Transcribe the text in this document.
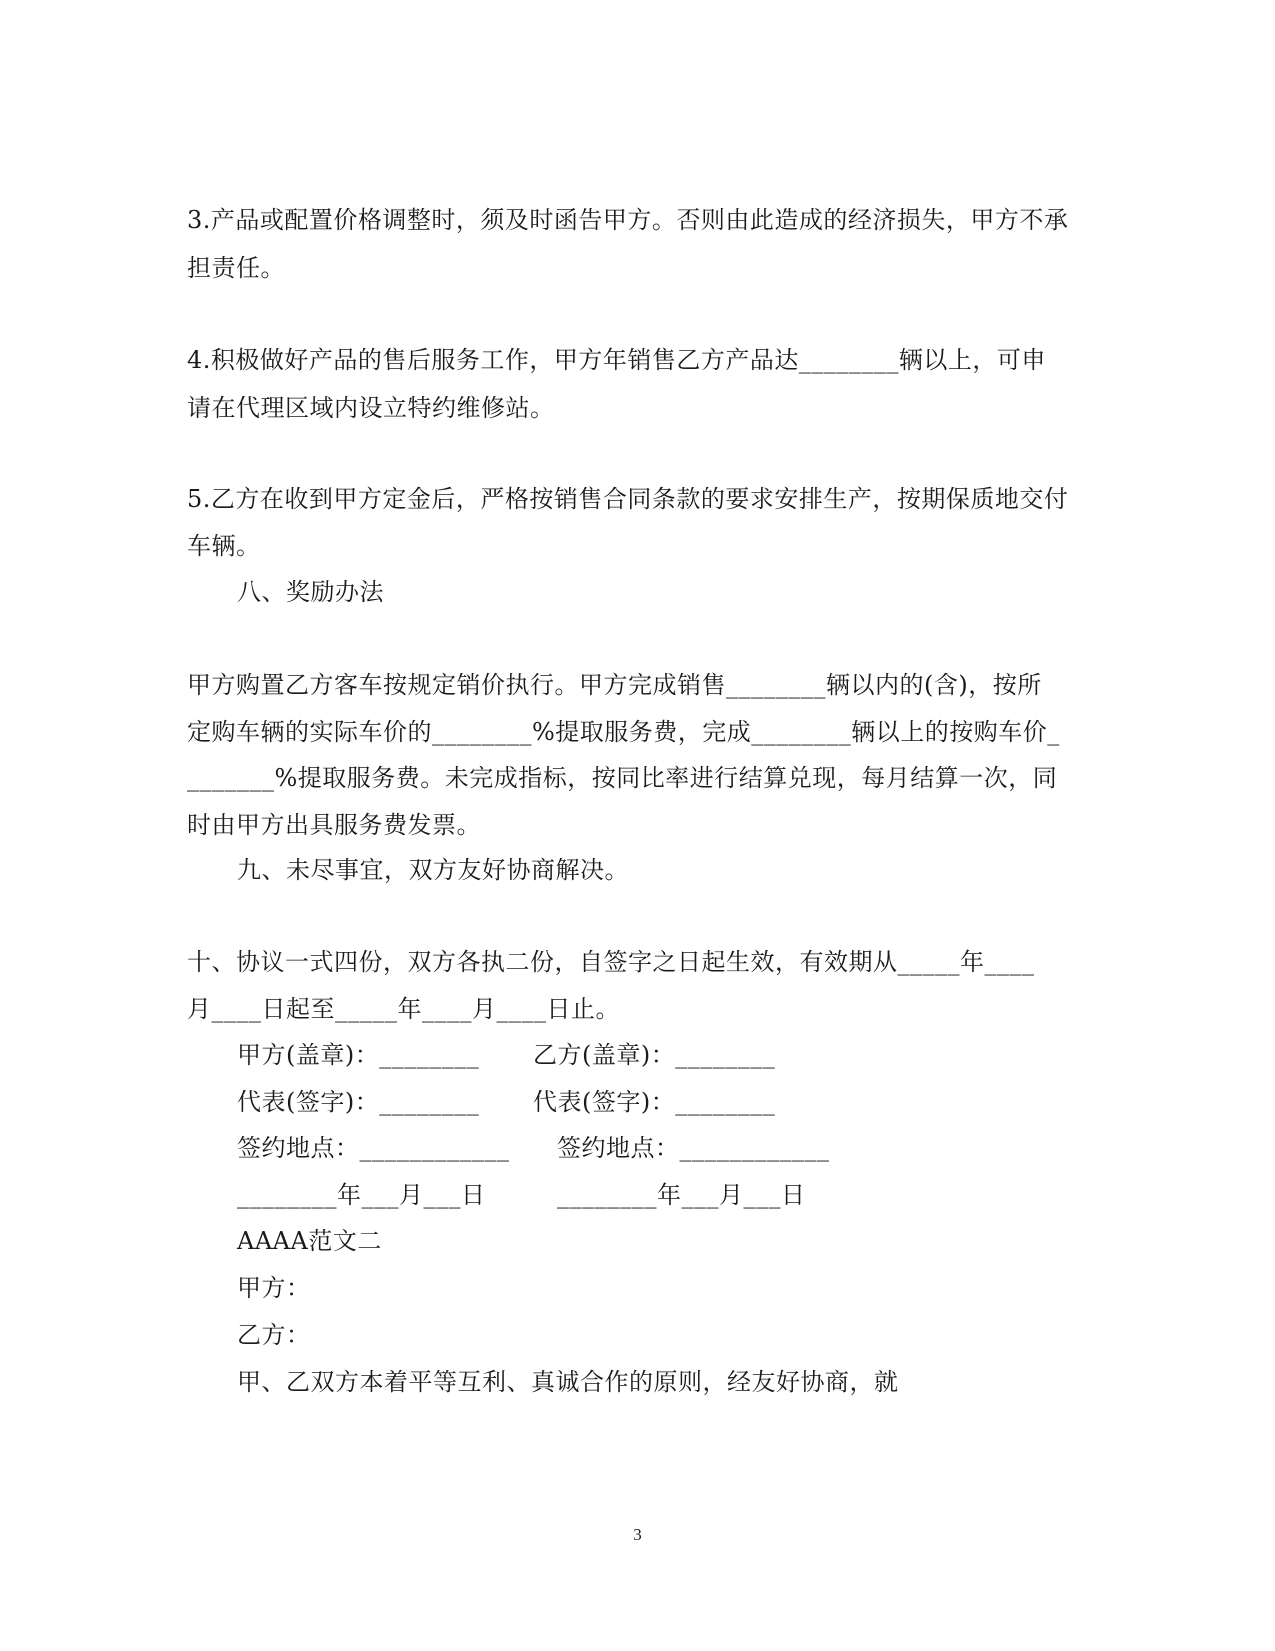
3.产品或配置价格调整时，须及时函告甲方。否则由此造成的经济损失，甲方不承
担责任。
4.积极做好产品的售后服务工作，甲方年销售乙方产品达________辆以上，可申
请在代理区域内设立特约维修站。
5.乙方在收到甲方定金后，严格按销售合同条款的要求安排生产，按期保质地交付
车辆。
八、奖励办法
甲方购置乙方客车按规定销价执行。甲方完成销售________辆以内的(含)，按所
定购车辆的实际车价的________%提取服务费，完成________辆以上的按购车价_
_______%提取服务费。未完成指标，按同比率进行结算兑现，每月结算一次，同
时由甲方出具服务费发票。
九、未尽事宜，双方友好协商解决。
十、协议一式四份，双方各执二份，自签字之日起生效，有效期从_____年____
月____日起至_____年____月____日止。
甲方(盖章)：________ 乙方(盖章)：________
代表(签字)：________ 代表(签字)：________
签约地点：____________ 签约地点：____________
________年___月___日	________年___月___日
AAAA范文二
甲方：
乙方：
甲、乙双方本着平等互利、真诚合作的原则，经友好协商，就
3
